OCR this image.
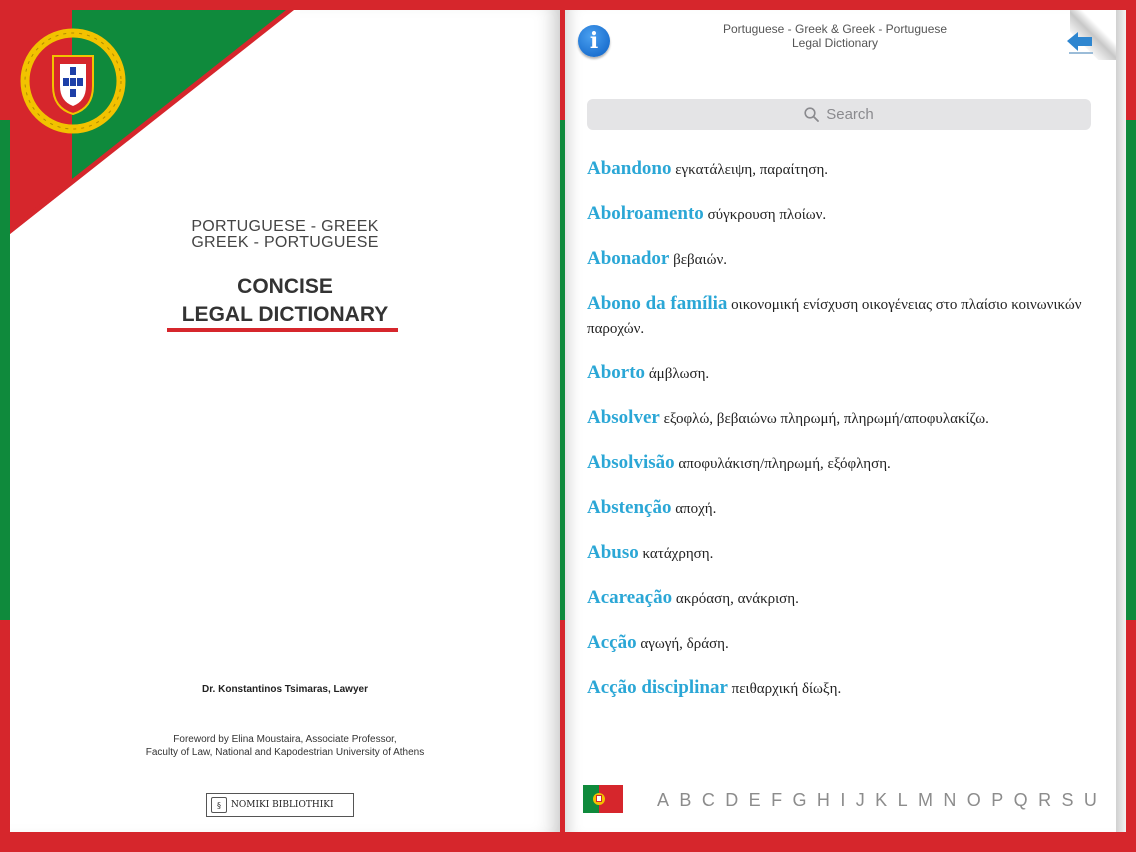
PORTUGUESE - GREEK
GREEK - PORTUGUESE
CONCISE
LEGAL DICTIONARY
Dr. Konstantinos Tsimaras, Lawyer
Foreword by Elina Moustaira, Associate Professor,
Faculty of Law, National and Kapodestrian University of Athens
§	NOMIKI BIBLIOTHIKI
i	Portuguese - Greek & Greek - Portuguese
Legal Dictionary
Search
Abandono εγκατάλειψη, παραίτηση.
Abolroamento σύγκρουση πλοίων.
Abonador βεβαιών.
Abono da família οικονομική ενίσχυση οικογένειας στο πλαίσιο κοινωνικών παροχών.
Aborto άμβλωση.
Absolver εξοφλώ, βεβαιώνω πληρωμή, πληρωμή/αποφυλακίζω.
Absolvisão αποφυλάκιση/πληρωμή, εξόφληση.
Abstenção αποχή.
Abuso κατάχρηση.
Acareação ακρόαση, ανάκριση.
Acção αγωγή, δράση.
Acção disciplinar πειθαρχική δίωξη.
A B C D E F G H I J K L M N O P Q R S U
